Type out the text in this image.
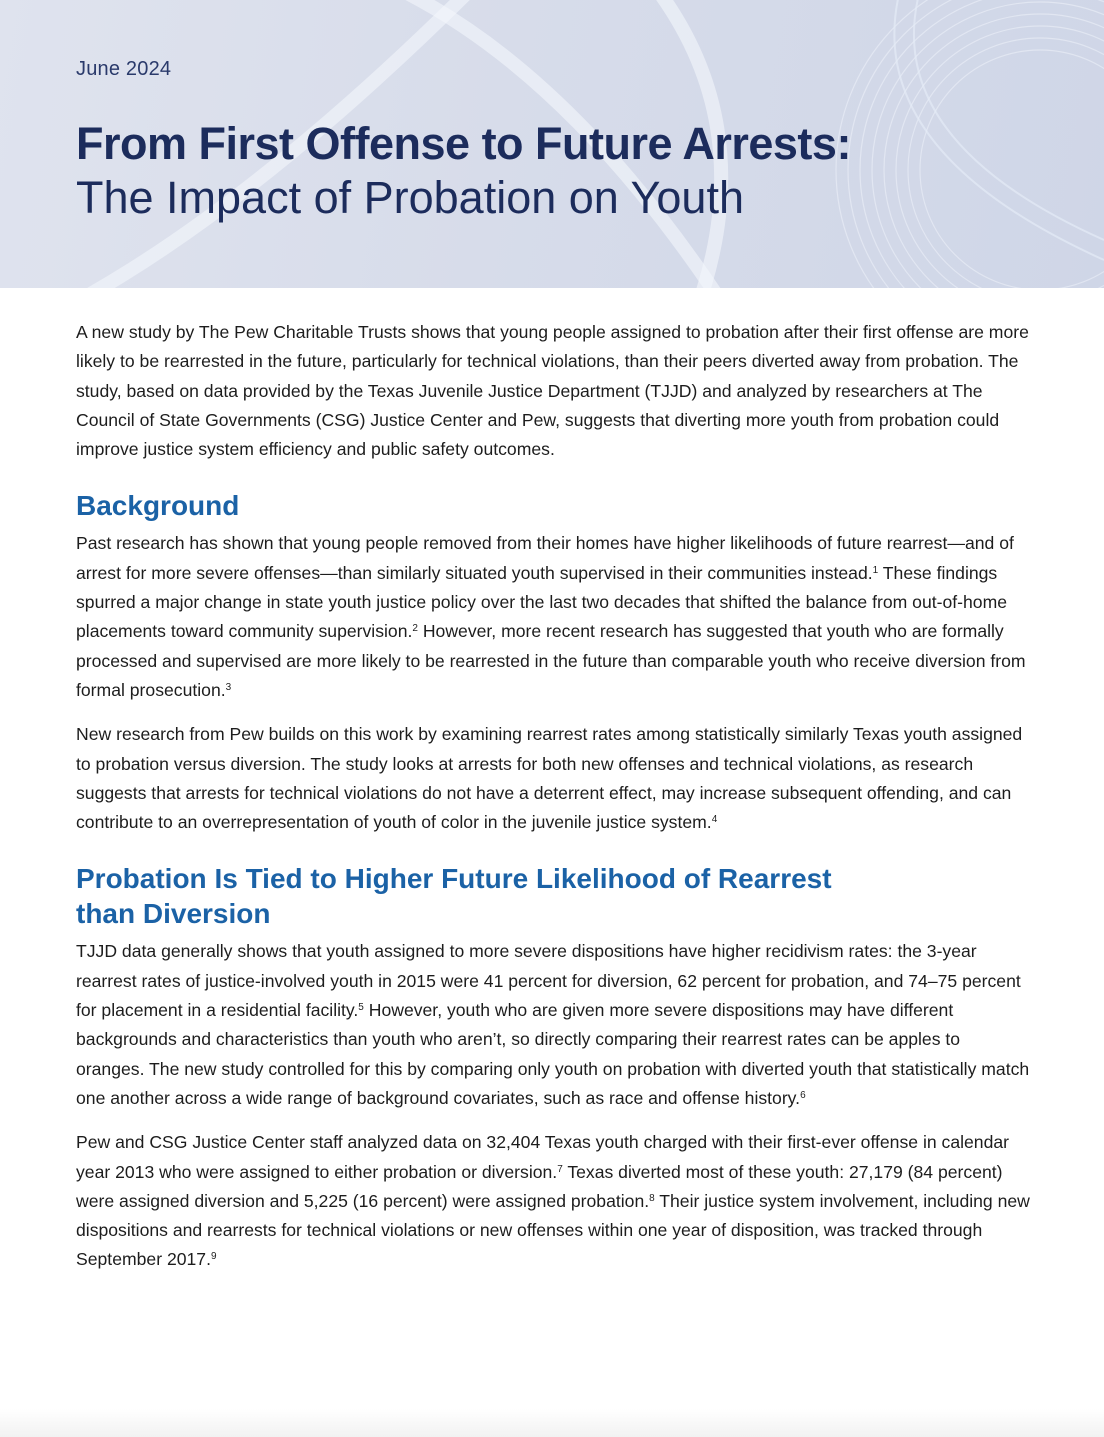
June 2024
From First Offense to Future Arrests:
The Impact of Probation on Youth

A new study by The Pew Charitable Trusts shows that young people assigned to probation after their first offense are more likely to be rearrested in the future, particularly for technical violations, than their peers diverted away from probation. The study, based on data provided by the Texas Juvenile Justice Department (TJJD) and analyzed by researchers at The Council of State Governments (CSG) Justice Center and Pew, suggests that diverting more youth from probation could improve justice system efficiency and public safety outcomes.

Background

Past research has shown that young people removed from their homes have higher likelihoods of future rearrest—and of arrest for more severe offenses—than similarly situated youth supervised in their communities instead.$^1$ These findings spurred a major change in state youth justice policy over the last two decades that shifted the balance from out-of-home placements toward community supervision.$^2$ However, more recent research has suggested that youth who are formally processed and supervised are more likely to be rearrested in the future than comparable youth who receive diversion from formal prosecution.$^3$

New research from Pew builds on this work by examining rearrest rates among statistically similarly Texas youth assigned to probation versus diversion. The study looks at arrests for both new offenses and technical violations, as research suggests that arrests for technical violations do not have a deterrent effect, may increase subsequent offending, and can contribute to an overrepresentation of youth of color in the juvenile justice system.$^4$

Probation Is Tied to Higher Future Likelihood of Rearrest
than Diversion

TJJD data generally shows that youth assigned to more severe dispositions have higher recidivism rates: the 3-year rearrest rates of justice-involved youth in 2015 were 41 percent for diversion, 62 percent for probation, and 74–75 percent for placement in a residential facility.$^5$ However, youth who are given more severe dispositions may have different backgrounds and characteristics than youth who aren’t, so directly comparing their rearrest rates can be apples to oranges. The new study controlled for this by comparing only youth on probation with diverted youth that statistically match one another across a wide range of background covariates, such as race and offense history.$^6$

Pew and CSG Justice Center staff analyzed data on 32,404 Texas youth charged with their first-ever offense in calendar year 2013 who were assigned to either probation or diversion.$^7$ Texas diverted most of these youth: 27,179 (84 percent) were assigned diversion and 5,225 (16 percent) were assigned probation.$^8$ Their justice system involvement, including new dispositions and rearrests for technical violations or new offenses within one year of disposition, was tracked through September 2017.$^9$
